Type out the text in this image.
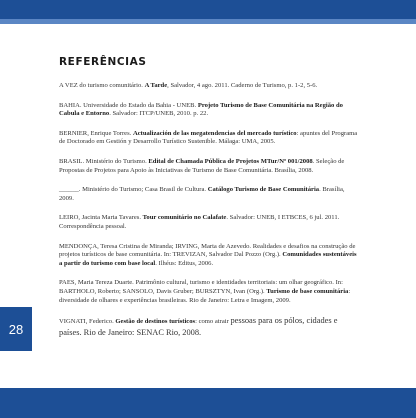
REFERÊNCIAS

A VEZ do turismo comunitário. A Tarde, Salvador, 4 ago. 2011. Caderno de Turismo, p. 1-2, 5-6.

BAHIA. Universidade do Estado da Bahia - UNEB. Projeto Turismo de Base Comunitária na Região do Cabula e Entorno. Salvador: ITCP/UNEB, 2010. p. 22.

BERNIER, Enrique Torres. Actualización de las megatendencias del mercado turístico: apuntes del Programa de Doctorado em Gestión y Desarrollo Turístico Sustenible. Málaga: UMA, 2005.

BRASIL. Ministério do Turismo. Edital de Chamada Pública de Projetos MTur/Nº 001/2008. Seleção de Propostas de Projetos para Apoio às Iniciativas de Turismo de Base Comunitária. Brasília, 2008.

______. Ministério do Turismo; Casa Brasil de Cultura. Catálogo Turismo de Base Comunitária. Brasília, 2009.

LEIRO, Jacinta Marta Tavares. Tour comunitário no Calafate. Salvador: UNEB, I ETBCES, 6 jul. 2011. Correspondência pessoal.

MENDONÇA, Teresa Cristina de Miranda; IRVING, Marta de Azevedo. Realidades e desafios na construção de projetos turísticos de base comunitária. In: TREVIZAN, Salvador Dal Pozzo (Org.). Comunidades sustentáveis a partir do turismo com base local. Ilhéus: Editus, 2006.

PAES, Maria Tereza Duarte. Patrimônio cultural, turismo e identidades territoriais: um olhar geográfico. In: BARTHOLO, Roberto; SANSOLO, Davis Gruber; BURSZTYN, Ivan (Org.). Turismo de base comunitária: diversidade de olhares e experiências brasileiras. Rio de Janeiro: Letra e Imagem, 2009.

VIGNATI, Federico. Gestão de destinos turísticos: como atrair pessoas para os pólos, cidades e países. Rio de Janeiro: SENAC Rio, 2008.

28
